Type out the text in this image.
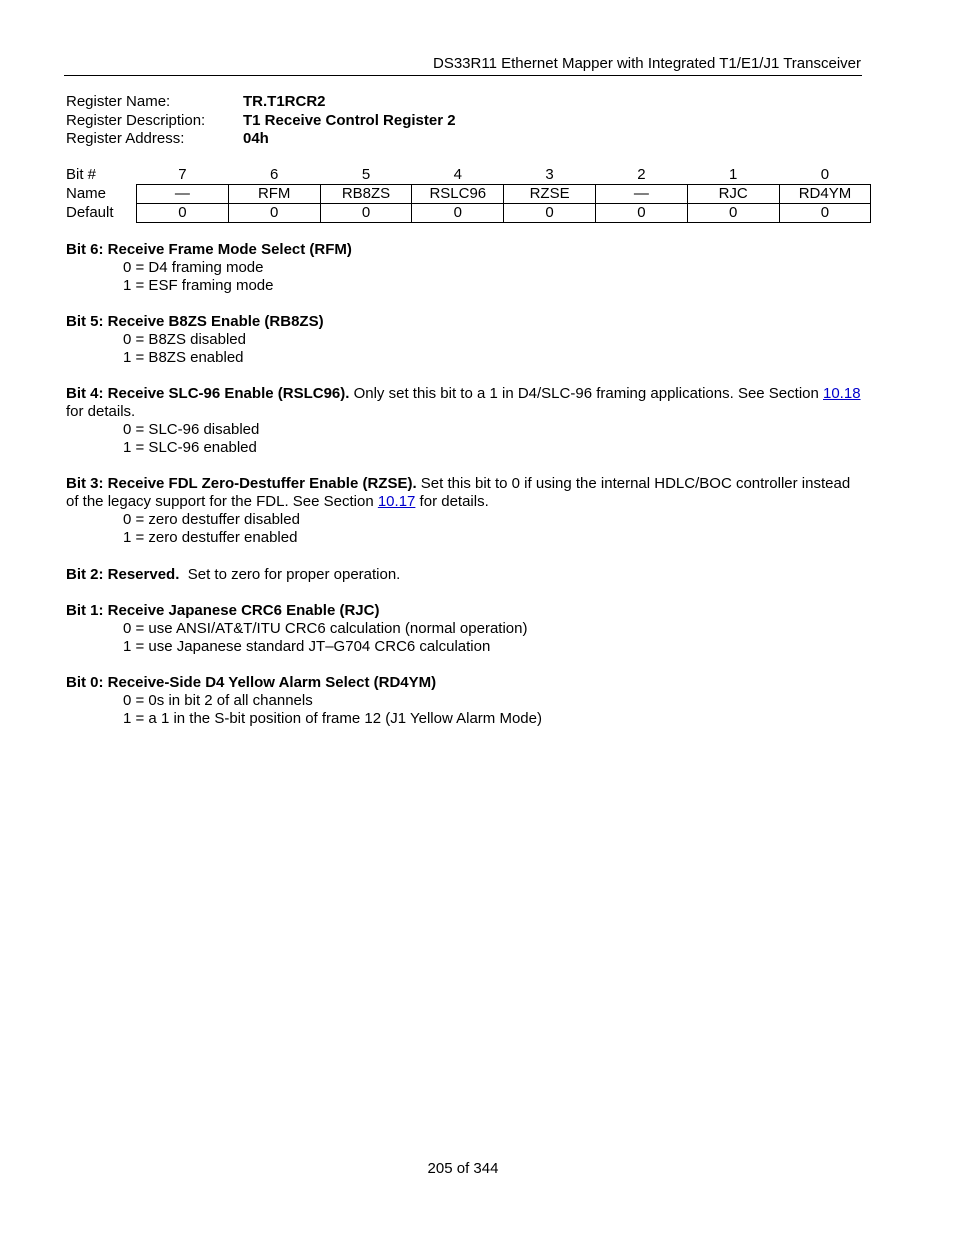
DS33R11 Ethernet Mapper with Integrated T1/E1/J1 Transceiver
Register Name:	TR.T1RCR2
Register Description:	T1 Receive Control Register 2
Register Address:	04h
Bit #	7	6	5	4	3	2	1	0
Name	—	RFM	RB8ZS	RSLC96	RZSE	—	RJC	RD4YM
Default	0	0	0	0	0	0	0	0
Bit 6: Receive Frame Mode Select (RFM)
0 = D4 framing mode
1 = ESF framing mode
Bit 5: Receive B8ZS Enable (RB8ZS)
0 = B8ZS disabled
1 = B8ZS enabled
Bit 4: Receive SLC-96 Enable (RSLC96). Only set this bit to a 1 in D4/SLC-96 framing applications. See Section 10.18 for details.
0 = SLC-96 disabled
1 = SLC-96 enabled
Bit 3: Receive FDL Zero-Destuffer Enable (RZSE). Set this bit to 0 if using the internal HDLC/BOC controller instead of the legacy support for the FDL. See Section 10.17 for details.
0 = zero destuffer disabled
1 = zero destuffer enabled
Bit 2: Reserved.  Set to zero for proper operation.
Bit 1: Receive Japanese CRC6 Enable (RJC)
0 = use ANSI/AT&T/ITU CRC6 calculation (normal operation)
1 = use Japanese standard JT–G704 CRC6 calculation
Bit 0: Receive-Side D4 Yellow Alarm Select (RD4YM)
0 = 0s in bit 2 of all channels
1 = a 1 in the S-bit position of frame 12 (J1 Yellow Alarm Mode)
205 of 344
